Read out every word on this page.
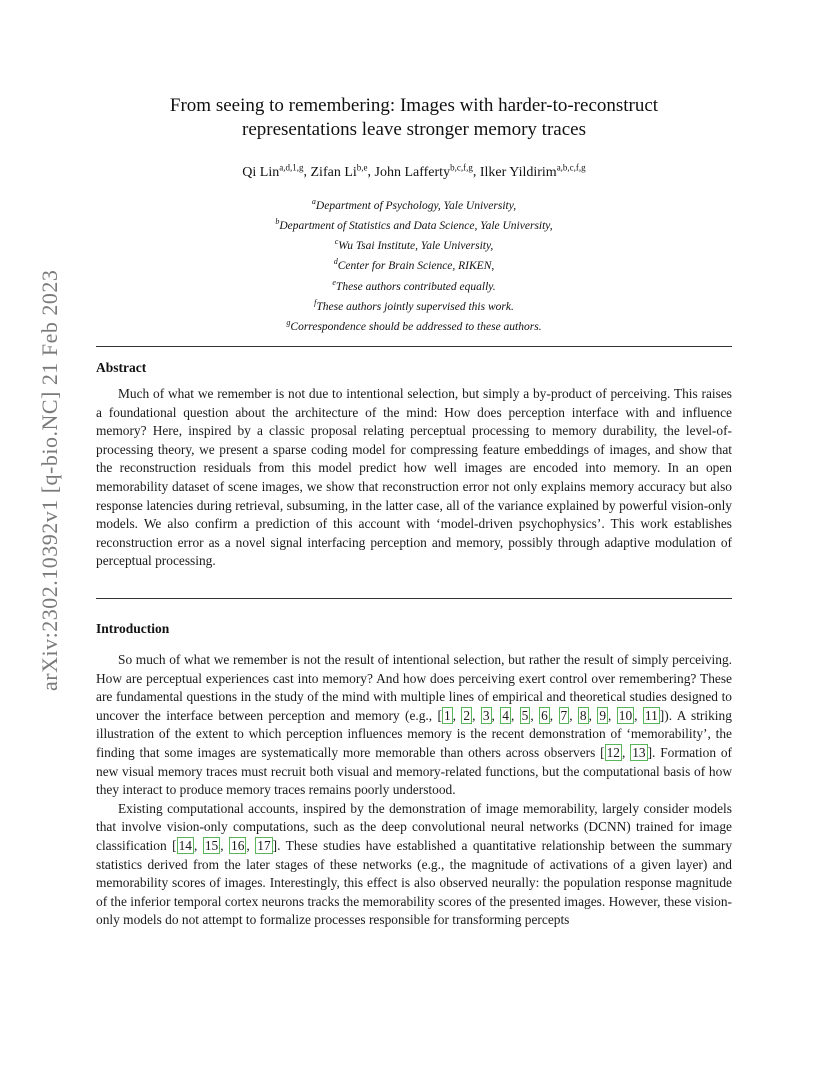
arXiv:2302.10392v1 [q-bio.NC] 21 Feb 2023
From seeing to remembering: Images with harder-to-reconstruct
representations leave stronger memory traces
Qi Lin$^{a,d,1,g}$, Zifan Li$^{b,e}$, John Lafferty$^{b,c,f,g}$, Ilker Yildirim$^{a,b,c,f,g}$
$^a$Department of Psychology, Yale University,
$^b$Department of Statistics and Data Science, Yale University,
$^c$Wu Tsai Institute, Yale University,
$^d$Center for Brain Science, RIKEN,
$^e$These authors contributed equally.
$^f$These authors jointly supervised this work.
$^g$Correspondence should be addressed to these authors.
Abstract

Much of what we remember is not due to intentional selection, but simply a by-product of perceiving. This raises a foundational question about the architecture of the mind: How does perception interface with and influence memory? Here, inspired by a classic proposal relating perceptual processing to memory durability, the level-of-processing theory, we present a sparse coding model for compressing feature embeddings of images, and show that the reconstruction residuals from this model predict how well images are encoded into memory. In an open memorability dataset of scene images, we show that reconstruction error not only explains memory accuracy but also response latencies during retrieval, subsuming, in the latter case, all of the variance explained by powerful vision-only models. We also confirm a prediction of this account with ‘model-driven psychophysics’. This work establishes reconstruction error as a novel signal interfacing perception and memory, possibly through adaptive modulation of perceptual processing.

Introduction

So much of what we remember is not the result of intentional selection, but rather the result of simply perceiving. How are perceptual experiences cast into memory? And how does perceiving exert control over remembering? These are fundamental questions in the study of the mind with multiple lines of empirical and theoretical studies designed to uncover the interface between perception and memory (e.g., [ 1 , 2 , 3 , 4 , 5 , 6 , 7 , 8 , 9 , 10 , 11 ]). A striking illustration of the extent to which perception influences memory is the recent demonstration of ‘memorability’, the finding that some images are systematically more memorable than others across observers [ 12 , 13 ]. Formation of new visual memory traces must recruit both visual and memory-related functions, but the computational basis of how they interact to produce memory traces remains poorly understood.

Existing computational accounts, inspired by the demonstration of image memorability, largely consider models that involve vision-only computations, such as the deep convolutional neural networks (DCNN) trained for image classification [ 14 , 15 , 16 , 17 ]. These studies have established a quantitative relationship between the summary statistics derived from the later stages of these networks (e.g., the magnitude of activations of a given layer) and memorability scores of images. Interestingly, this effect is also observed neurally: the population response magnitude of the inferior temporal cortex neurons tracks the memorability scores of the presented images. However, these vision-only models do not attempt to formalize processes responsible for transforming percepts
